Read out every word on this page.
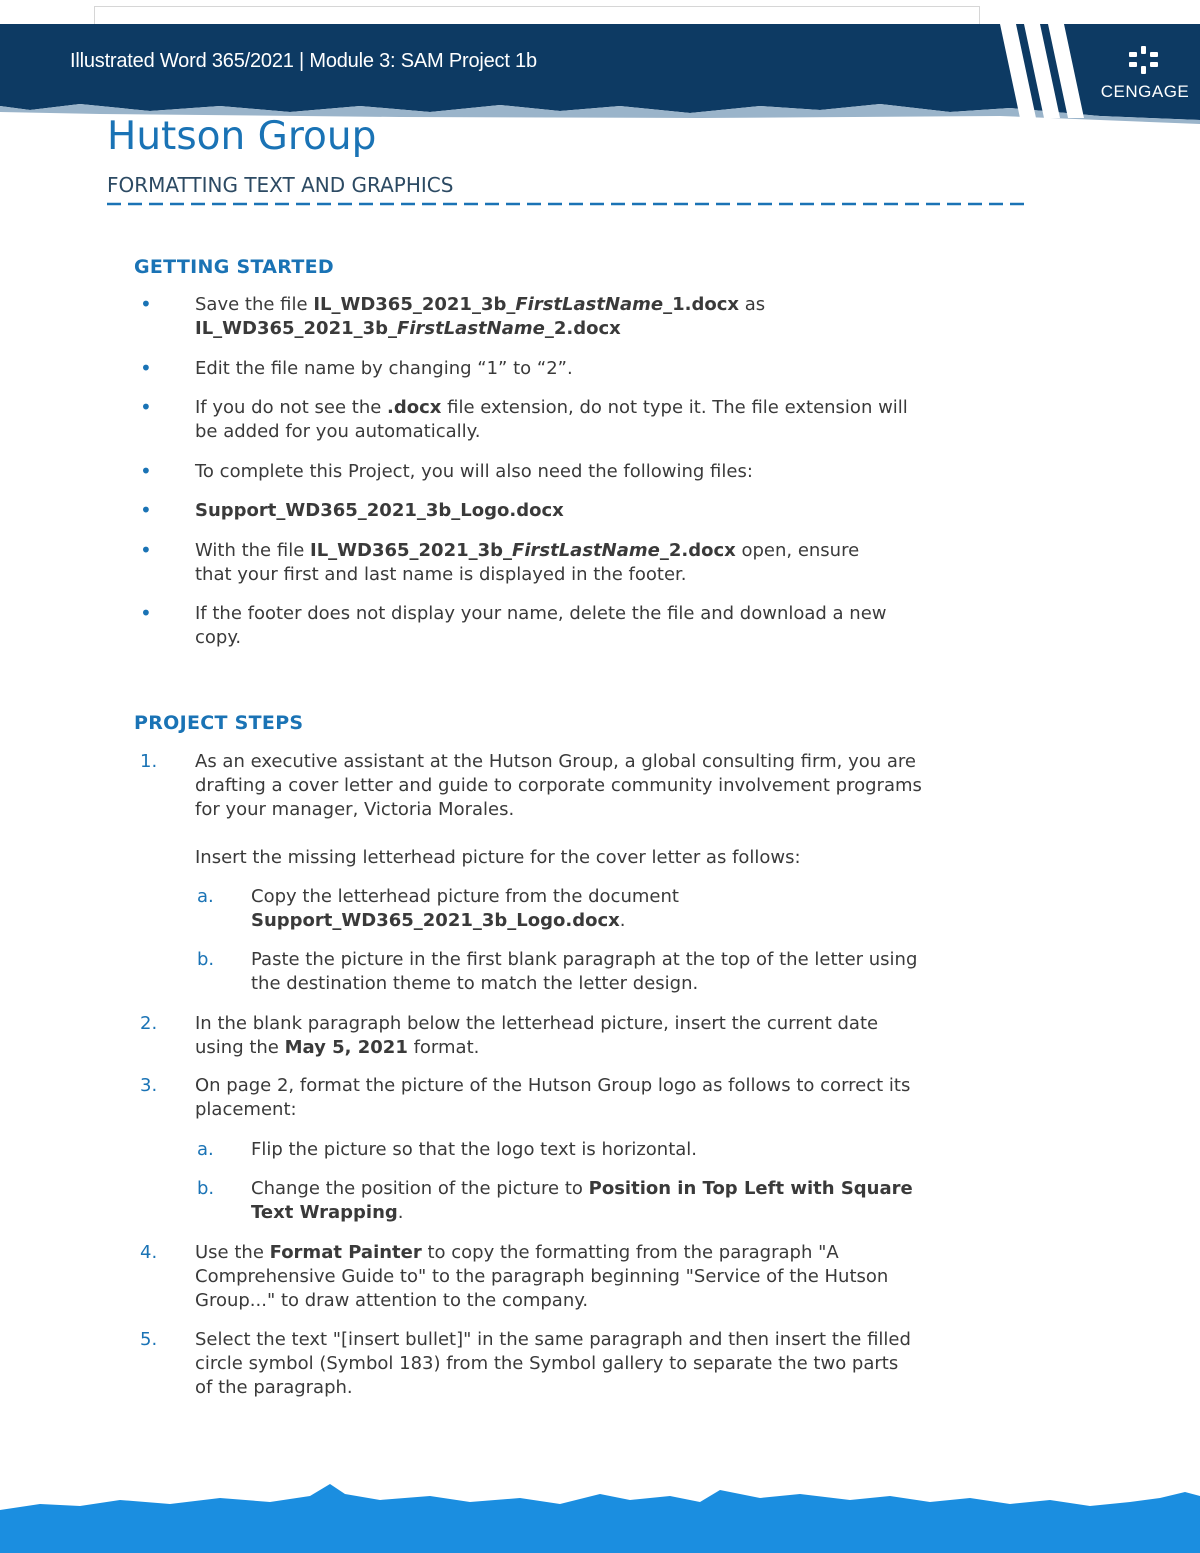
Illustrated Word 365/2021 | Module 3: SAM Project 1b
CENGAGE
Hutson Group
FORMATTING TEXT AND GRAPHICS
GETTING STARTED
• Save the file IL_WD365_2021_3b_FirstLastName_1.docx as
IL_WD365_2021_3b_FirstLastName_2.docx
• Edit the file name by changing “1” to “2”.
• If you do not see the .docx file extension, do not type it. The file extension will
be added for you automatically.
• To complete this Project, you will also need the following files:
• Support_WD365_2021_3b_Logo.docx
• With the file IL_WD365_2021_3b_FirstLastName_2.docx open, ensure
that your first and last name is displayed in the footer.
• If the footer does not display your name, delete the file and download a new
copy.
PROJECT STEPS
1. As an executive assistant at the Hutson Group, a global consulting firm, you are
drafting a cover letter and guide to corporate community involvement programs
for your manager, Victoria Morales.
Insert the missing letterhead picture for the cover letter as follows:
a. Copy the letterhead picture from the document
Support_WD365_2021_3b_Logo.docx.
b. Paste the picture in the first blank paragraph at the top of the letter using
the destination theme to match the letter design.
2. In the blank paragraph below the letterhead picture, insert the current date
using the May 5, 2021 format.
3. On page 2, format the picture of the Hutson Group logo as follows to correct its
placement:
a. Flip the picture so that the logo text is horizontal.
b. Change the position of the picture to Position in Top Left with Square
Text Wrapping.
4. Use the Format Painter to copy the formatting from the paragraph "A
Comprehensive Guide to" to the paragraph beginning "Service of the Hutson
Group..." to draw attention to the company.
5. Select the text "[insert bullet]" in the same paragraph and then insert the filled
circle symbol (Symbol 183) from the Symbol gallery to separate the two parts
of the paragraph.
